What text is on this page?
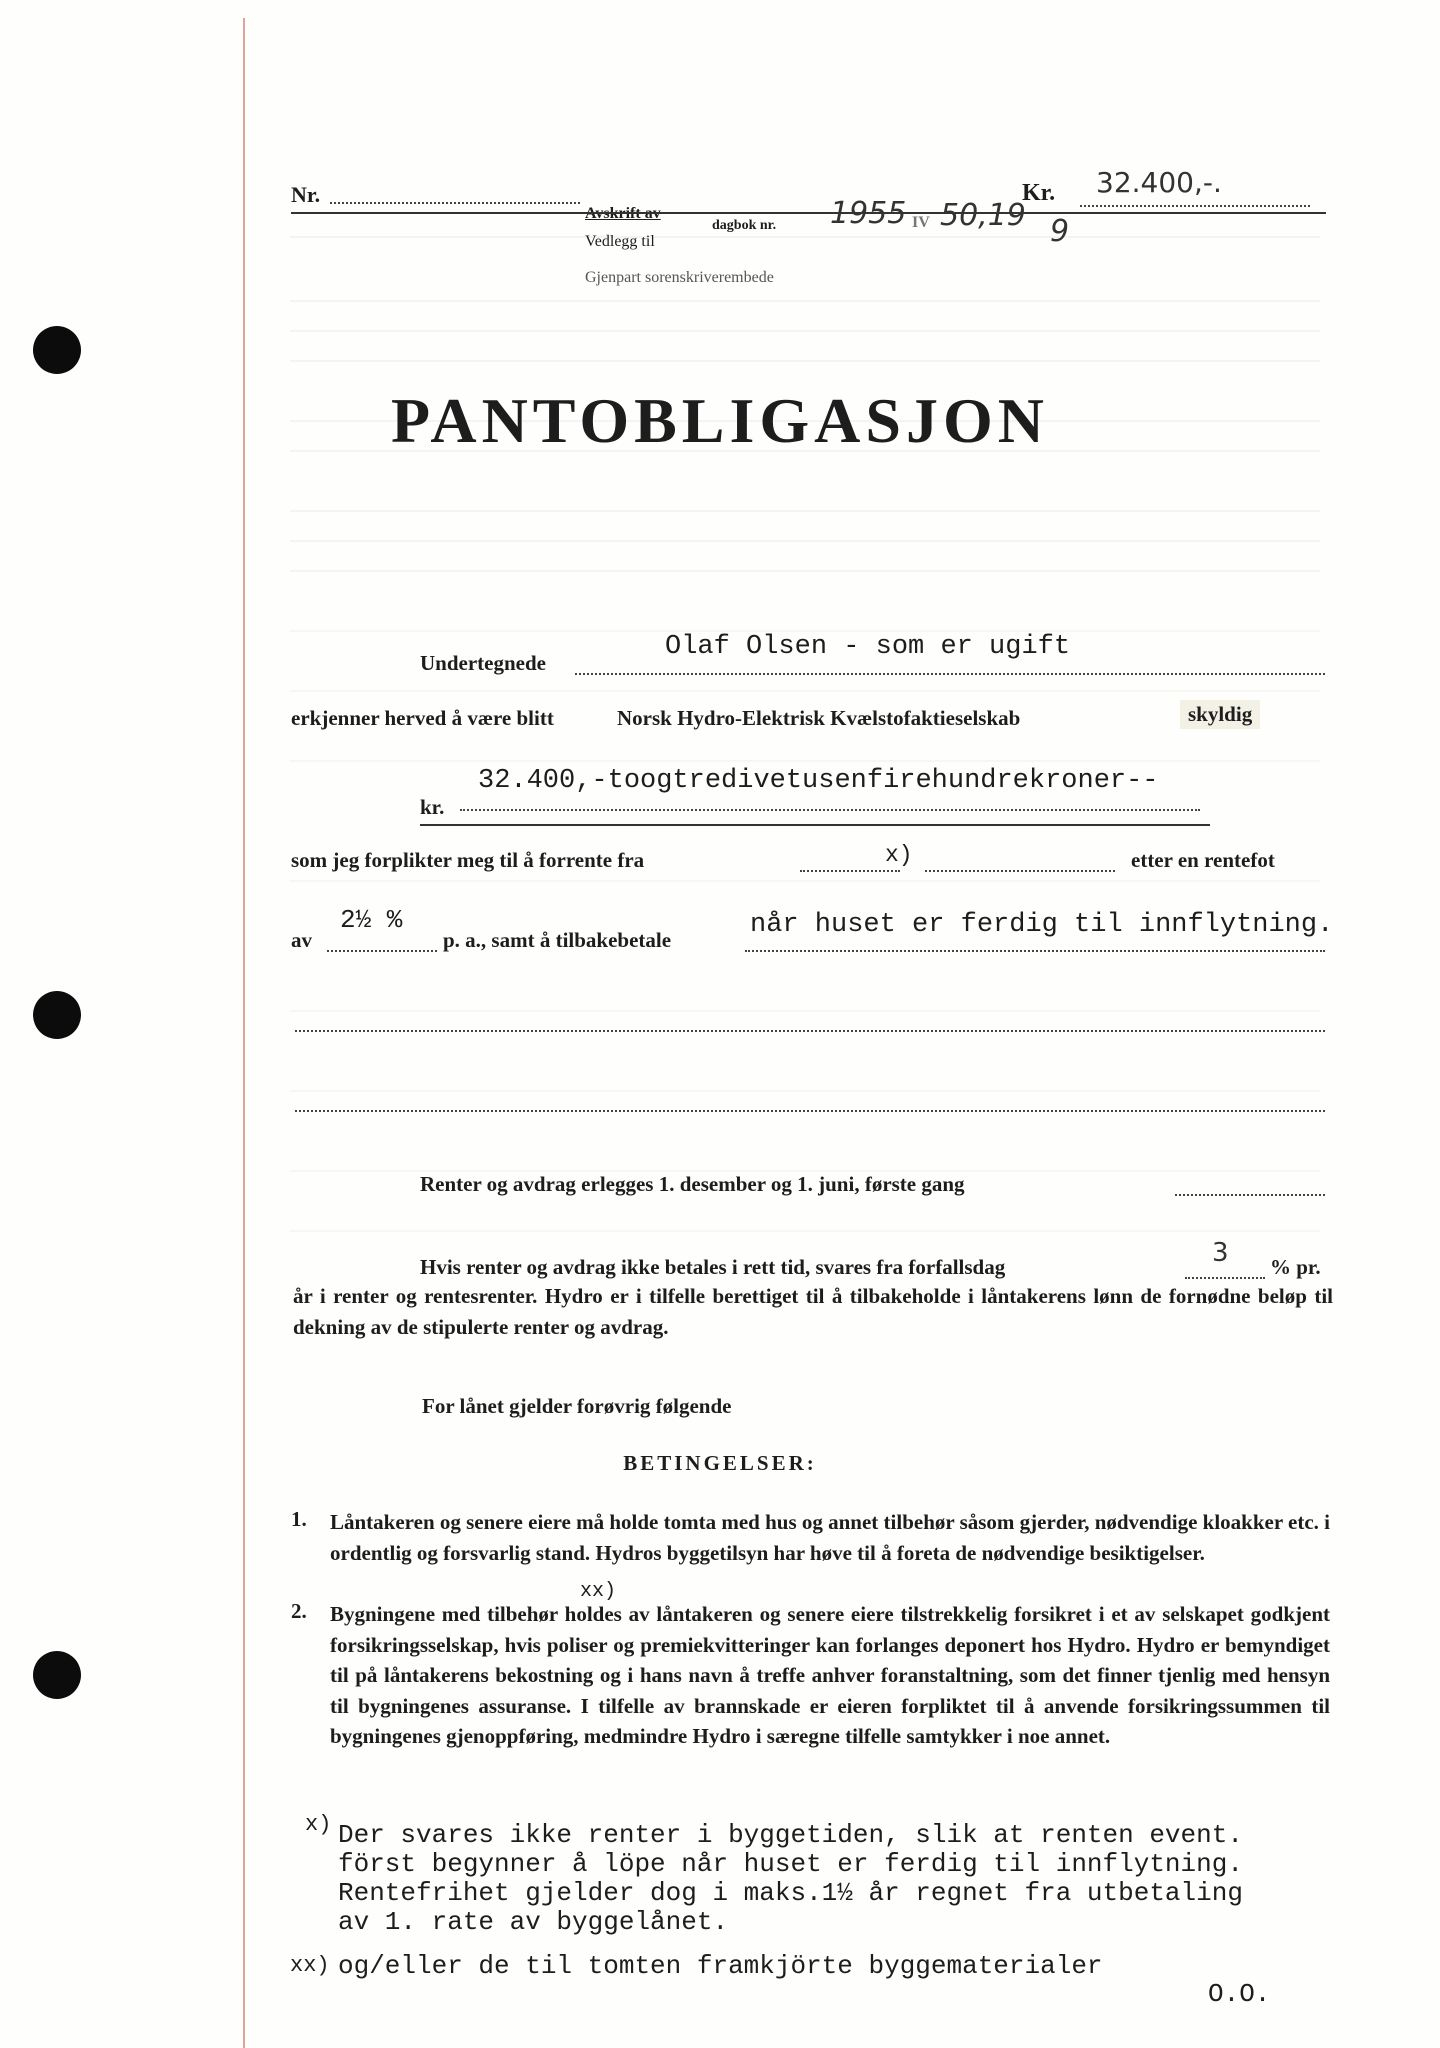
Nr.
Avskrift av
Vedlegg til
Gjenpart sorenskriverembede
dagbok nr. 1955 IV 50,19 9
Kr. 32.400,-.
PANTOBLIGASJON
Undertegnede
Olaf Olsen - som er ugift
erkjenner herved å være blitt	Norsk Hydro-Elektrisk Kvælstofaktieselskab	skyldig
kr.
32.400,-toogtredivetusenfirehundrekroner--
som jeg forplikter meg til å forrente fra	x)	etter en rentefot
av
2½ %
p. a., samt å tilbakebetale	når huset er ferdig til innflytning.
Renter og avdrag erlegges 1. desember og 1. juni, første gang
Hvis renter og avdrag ikke betales i rett tid, svares fra forfallsdag	3 % pr.
år i renter og rentesrenter. Hydro er i tilfelle berettiget til å tilbakeholde i låntakerens lønn de fornødne beløp til dekning av de stipulerte renter og avdrag.
For lånet gjelder forøvrig følgende
BETINGELSER:
1. Låntakeren og senere eiere må holde tomta med hus og annet tilbehør såsom gjerder, nødvendige kloakker etc. i ordentlig og forsvarlig stand. Hydros byggetilsyn har høve til å foreta de nødvendige besiktigelser.
2.
xx)
Bygningene med tilbehør holdes av låntakeren og senere eiere tilstrekkelig forsikret i et av selskapet godkjent forsikringsselskap, hvis poliser og premiekvitteringer kan forlanges deponert hos Hydro. Hydro er bemyndiget til på låntakerens bekostning og i hans navn å treffe anhver foranstaltning, som det finner tjenlig med hensyn til bygningenes assuranse. I tilfelle av brannskade er eieren forpliktet til å anvende forsikringssummen til bygningenes gjenoppføring, medmindre Hydro i særegne tilfelle samtykker i noe annet.
x) Der svares ikke renter i byggetiden, slik at renten event.
först begynner å löpe når huset er ferdig til innflytning.
Rentefrihet gjelder dog i maks.1½ år regnet fra utbetaling
av 1. rate av byggelånet.
xx) og/eller de til tomten framkjörte byggematerialer
O.O.
